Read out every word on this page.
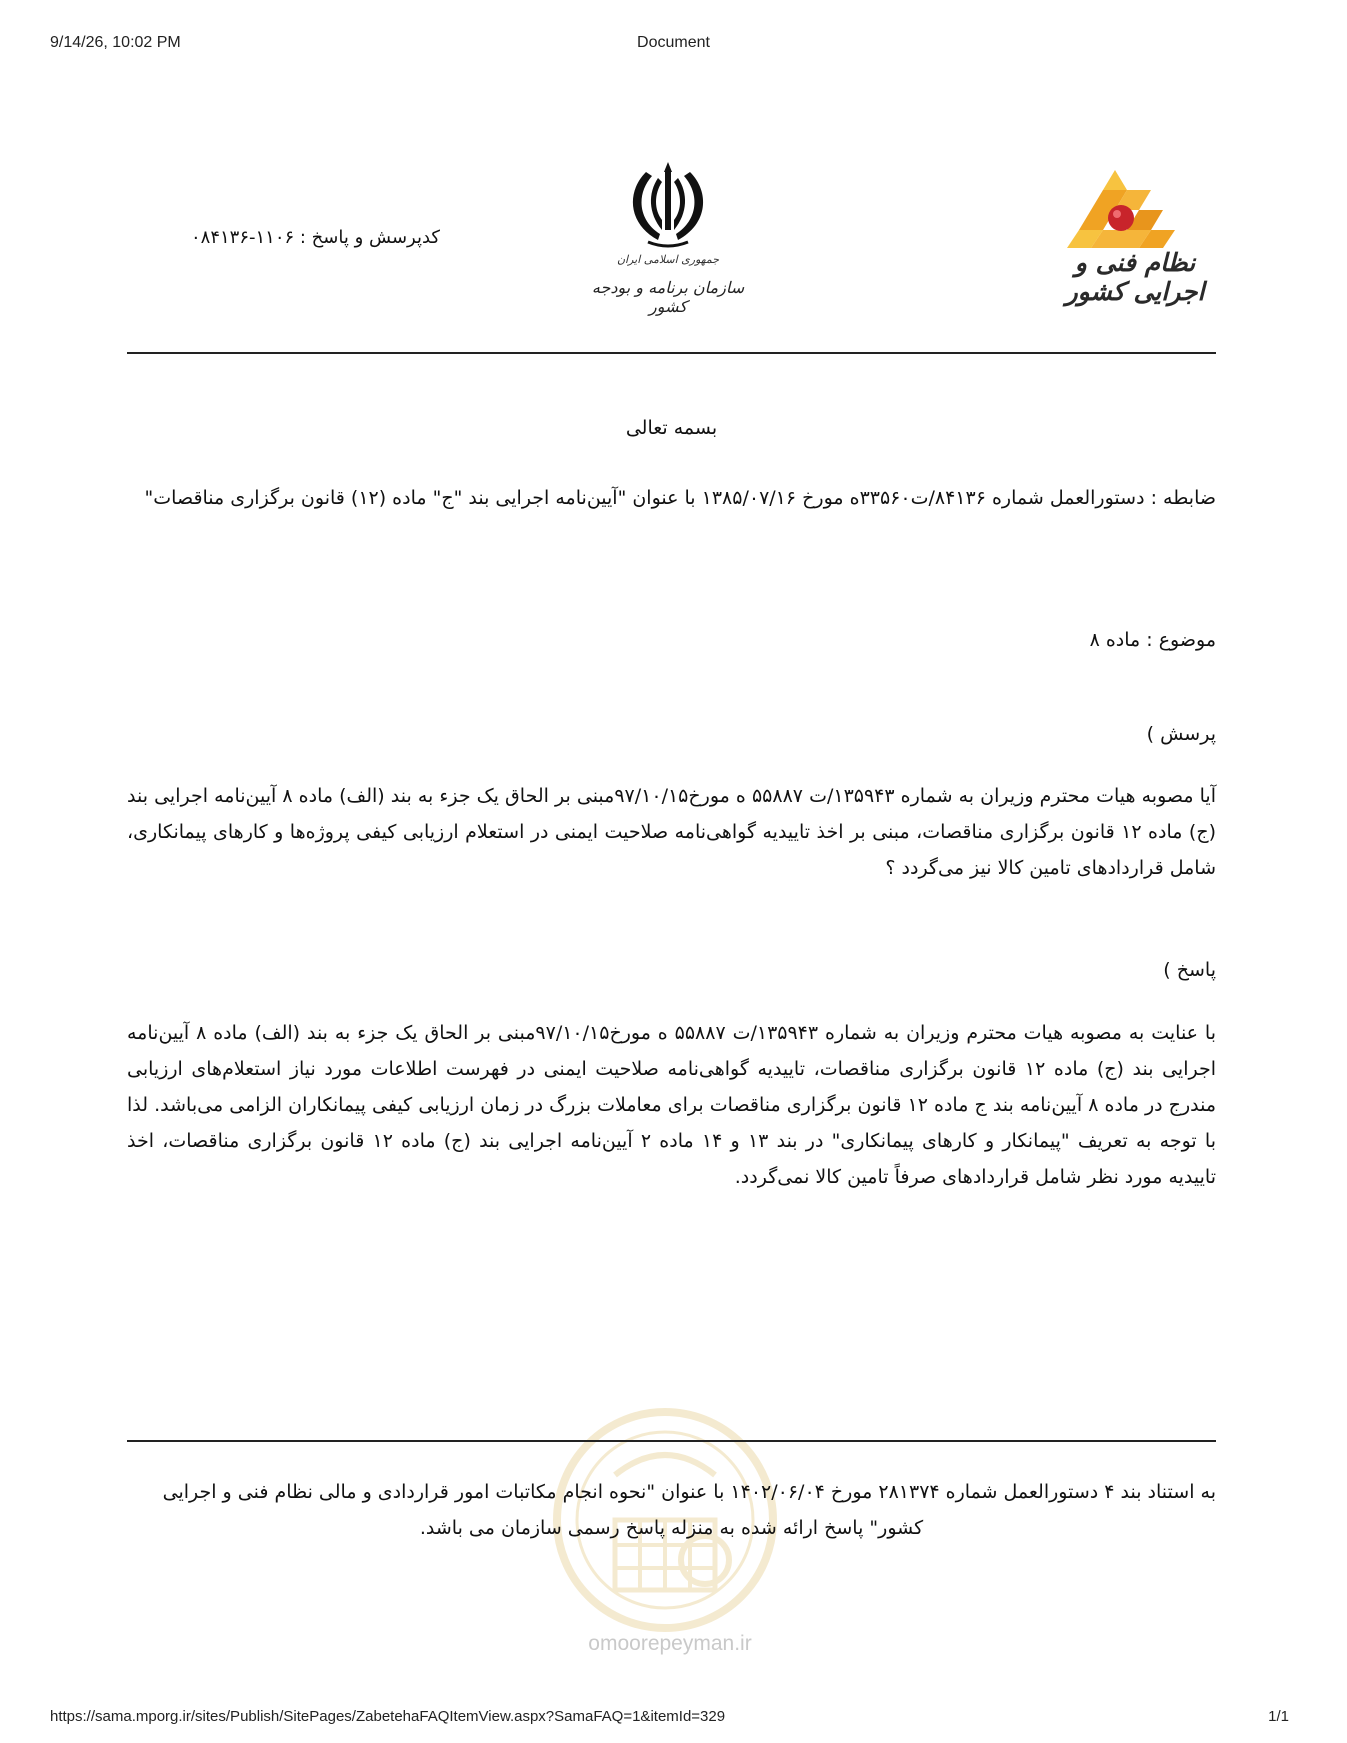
9/14/26, 10:02 PM	Document
نظام فنی و اجرایی کشور
جمهوری اسلامی ایران
سازمان برنامه و بودجه کشور
کدپرسش و پاسخ : ۱۱۰۶-۰۸۴۱۳۶
بسمه تعالی
ضابطه : دستورالعمل شماره ۸۴۱۳۶/ت۳۳۵۶۰ه مورخ ۱۳۸۵/۰۷/۱۶ با عنوان "آیین‌نامه اجرایی بند "ج" ماده (۱۲) قانون برگزاری مناقصات"
موضوع : ماده ۸
پرسش )
آیا مصوبه هیات محترم وزیران به شماره ۱۳۵۹۴۳/ت ۵۵۸۸۷ ه مورخ۹۷/۱۰/۱۵مبنی بر الحاق یک جزء به بند (الف) ماده ۸ آیین‌نامه اجرایی بند (ج) ماده ۱۲ قانون برگزاری مناقصات، مبنی بر اخذ تاییدیه گواهی‌نامه صلاحیت ایمنی در استعلام ارزیابی کیفی پروژه‌ها و کارهای پیمانکاری، شامل قراردادهای تامین کالا نیز می‌گردد ؟
پاسخ )
با عنایت به مصوبه هیات محترم وزیران به شماره ۱۳۵۹۴۳/ت ۵۵۸۸۷ ه مورخ۹۷/۱۰/۱۵مبنی بر الحاق یک جزء به بند (الف) ماده ۸ آیین‌نامه اجرایی بند (ج) ماده ۱۲ قانون برگزاری مناقصات، تاییدیه گواهی‌نامه صلاحیت ایمنی در فهرست اطلاعات مورد نیاز استعلام‌های ارزیابی مندرج در ماده ۸ آیین‌نامه بند ج ماده ۱۲ قانون برگزاری مناقصات برای معاملات بزرگ در زمان ارزیابی کیفی پیمانکاران الزامی می‌باشد. لذا با توجه به تعریف "پیمانکار و کارهای پیمانکاری" در بند ۱۳ و ۱۴ ماده ۲ آیین‌نامه اجرایی بند (ج) ماده ۱۲ قانون برگزاری مناقصات، اخذ تاییدیه مورد نظر شامل قراردادهای صرفاً تامین کالا نمی‌گردد.
به استناد بند ۴ دستورالعمل شماره ۲۸۱۳۷۴ مورخ ۱۴۰۲/۰۶/۰۴ با عنوان "نحوه انجام مکاتبات امور قراردادی و مالی نظام فنی و اجرایی
کشور" پاسخ ارائه شده به منزله پاسخ رسمی سازمان می باشد.
omoorepeyman.ir
https://sama.mporg.ir/sites/Publish/SitePages/ZabetehaFAQItemView.aspx?SamaFAQ=1&itemId=329	1/1
